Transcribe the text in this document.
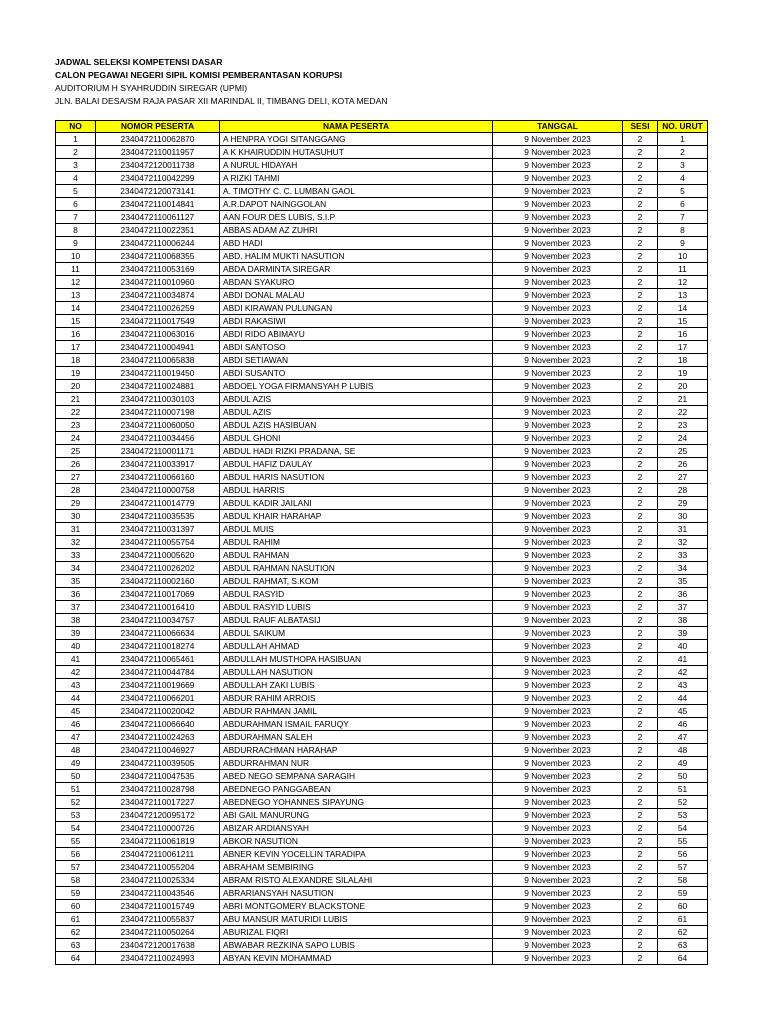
JADWAL SELEKSI KOMPETENSI DASAR
CALON PEGAWAI NEGERI SIPIL KOMISI PEMBERANTASAN KORUPSI
AUDITORIUM H SYAHRUDDIN SIREGAR (UPMI)
JLN. BALAI DESA/SM RAJA PASAR XII MARINDAL II, TIMBANG DELI, KOTA MEDAN
NO	NOMOR PESERTA	NAMA PESERTA	TANGGAL	SESI	NO. URUT
1	2340472110062870	A HENPRA YOGI SITANGGANG	9 November 2023	2	1
2	2340472110011957	A K KHAIRUDDIN HUTASUHUT	9 November 2023	2	2
3	2340472120011738	A NURUL HIDAYAH	9 November 2023	2	3
4	2340472110042299	A RIZKI TAHMI	9 November 2023	2	4
5	2340472120073141	A. TIMOTHY C. C. LUMBAN GAOL	9 November 2023	2	5
6	2340472110014841	A.R.DAPOT NAINGGOLAN	9 November 2023	2	6
7	2340472110061127	AAN FOUR DES LUBIS, S.I.P	9 November 2023	2	7
8	2340472110022351	ABBAS ADAM AZ ZUHRI	9 November 2023	2	8
9	2340472110006244	ABD HADI	9 November 2023	2	9
10	2340472110068355	ABD. HALIM MUKTI NASUTION	9 November 2023	2	10
11	2340472110053169	ABDA DARMINTA SIREGAR	9 November 2023	2	11
12	2340472110010960	ABDAN SYAKURO	9 November 2023	2	12
13	2340472110034874	ABDI DONAL MALAU	9 November 2023	2	13
14	2340472110026259	ABDI KIRAWAN PULUNGAN	9 November 2023	2	14
15	2340472110017549	ABDI RAKASIWI	9 November 2023	2	15
16	2340472110063016	ABDI RIDO ABIMAYU	9 November 2023	2	16
17	2340472110004941	ABDI SANTOSO	9 November 2023	2	17
18	2340472110065838	ABDI SETIAWAN	9 November 2023	2	18
19	2340472110019450	ABDI SUSANTO	9 November 2023	2	19
20	2340472110024881	ABDOEL YOGA FIRMANSYAH P LUBIS	9 November 2023	2	20
21	2340472110030103	ABDUL AZIS	9 November 2023	2	21
22	2340472110007198	ABDUL AZIS	9 November 2023	2	22
23	2340472110060050	ABDUL AZIS HASIBUAN	9 November 2023	2	23
24	2340472110034456	ABDUL GHONI	9 November 2023	2	24
25	2340472110001171	ABDUL HADI RIZKI PRADANA, SE	9 November 2023	2	25
26	2340472110033917	ABDUL HAFIZ DAULAY	9 November 2023	2	26
27	2340472110066160	ABDUL HARIS NASUTION	9 November 2023	2	27
28	2340472110000758	ABDUL HARRIS	9 November 2023	2	28
29	2340472110014779	ABDUL KADIR JAILANI	9 November 2023	2	29
30	2340472110035535	ABDUL KHAIR HARAHAP	9 November 2023	2	30
31	2340472110031397	ABDUL MUIS	9 November 2023	2	31
32	2340472110055754	ABDUL RAHIM	9 November 2023	2	32
33	2340472110005620	ABDUL RAHMAN	9 November 2023	2	33
34	2340472110026202	ABDUL RAHMAN NASUTION	9 November 2023	2	34
35	2340472110002160	ABDUL RAHMAT, S.KOM	9 November 2023	2	35
36	2340472110017069	ABDUL RASYID	9 November 2023	2	36
37	2340472110016410	ABDUL RASYID LUBIS	9 November 2023	2	37
38	2340472110034757	ABDUL RAUF ALBATASIJ	9 November 2023	2	38
39	2340472110066634	ABDUL SAIKUM	9 November 2023	2	39
40	2340472110018274	ABDULLAH AHMAD	9 November 2023	2	40
41	2340472110065461	ABDULLAH MUSTHOPA HASIBUAN	9 November 2023	2	41
42	2340472110044784	ABDULLAH NASUTION	9 November 2023	2	42
43	2340472110019669	ABDULLAH ZAKI LUBIS	9 November 2023	2	43
44	2340472110066201	ABDUR RAHIM ARROIS	9 November 2023	2	44
45	2340472110020042	ABDUR RAHMAN JAMIL	9 November 2023	2	45
46	2340472110066640	ABDURAHMAN ISMAIL FARUQY	9 November 2023	2	46
47	2340472110024263	ABDURAHMAN SALEH	9 November 2023	2	47
48	2340472110046927	ABDURRACHMAN HARAHAP	9 November 2023	2	48
49	2340472110039505	ABDURRAHMAN NUR	9 November 2023	2	49
50	2340472110047535	ABED NEGO SEMPANA SARAGIH	9 November 2023	2	50
51	2340472110028798	ABEDNEGO PANGGABEAN	9 November 2023	2	51
52	2340472110017227	ABEDNEGO YOHANNES SIPAYUNG	9 November 2023	2	52
53	2340472120095172	ABI GAIL MANURUNG	9 November 2023	2	53
54	2340472110000726	ABIZAR ARDIANSYAH	9 November 2023	2	54
55	2340472110061819	ABKOR NASUTION	9 November 2023	2	55
56	2340472110061211	ABNER KEVIN YOCELLIN TARADIPA	9 November 2023	2	56
57	2340472110055204	ABRAHAM SEMBIRING	9 November 2023	2	57
58	2340472110025334	ABRAM RISTO ALEXANDRE SILALAHI	9 November 2023	2	58
59	2340472110043546	ABRARIANSYAH NASUTION	9 November 2023	2	59
60	2340472110015749	ABRI MONTGOMERY BLACKSTONE	9 November 2023	2	60
61	2340472110055837	ABU MANSUR MATURIDI LUBIS	9 November 2023	2	61
62	2340472110050264	ABURIZAL FIQRI	9 November 2023	2	62
63	2340472120017638	ABWABAR REZKINA SAPO LUBIS	9 November 2023	2	63
64	2340472110024993	ABYAN KEVIN MOHAMMAD	9 November 2023	2	64
